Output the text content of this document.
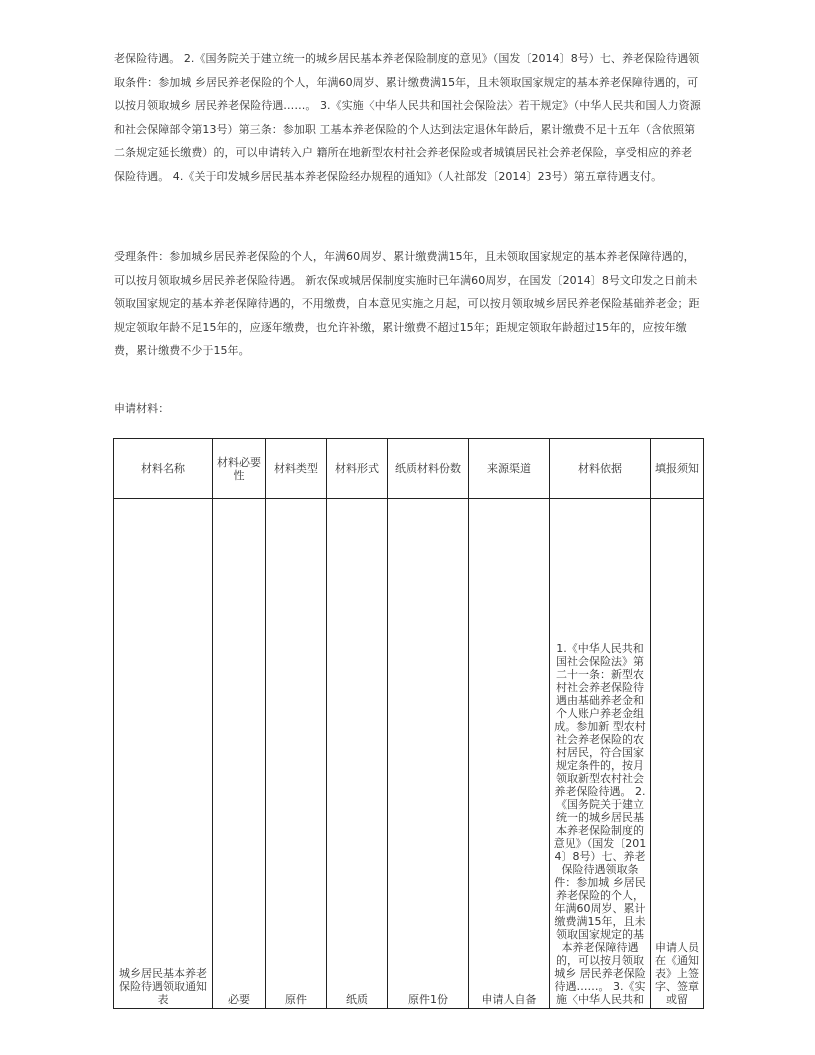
老保险待遇。 2.《国务院关于建立统一的城乡居民基本养老保险制度的意见》（国发〔2014〕8号）七、养老保险待遇领取条件：参加城 乡居民养老保险的个人，年满60周岁、累计缴费满15年，且未领取国家规定的基本养老保障待遇的，可以按月领取城乡 居民养老保险待遇……。 3.《实施〈中华人民共和国社会保险法〉若干规定》（中华人民共和国人力资源和社会保障部令第13号）第三条：参加职 工基本养老保险的个人达到法定退休年龄后，累计缴费不足十五年（含依照第二条规定延长缴费）的，可以申请转入户 籍所在地新型农村社会养老保险或者城镇居民社会养老保险，享受相应的养老保险待遇。 4.《关于印发城乡居民基本养老保险经办规程的通知》（人社部发〔2014〕23号）第五章待遇支付。

受理条件：参加城乡居民养老保险的个人，年满60周岁、累计缴费满15年，且未领取国家规定的基本养老保障待遇的，可以按月领取城乡居民养老保险待遇。 新农保或城居保制度实施时已年满60周岁，在国发〔2014〕8号文印发之日前未领取国家规定的基本养老保障待遇的，不用缴费，自本意见实施之月起，可以按月领取城乡居民养老保险基础养老金；距规定领取年龄不足15年的，应逐年缴费，也允许补缴，累计缴费不超过15年；距规定领取年龄超过15年的，应按年缴费，累计缴费不少于15年。

申请材料：

材料名称	材料必要性	材料类型	材料形式	纸质材料份数	来源渠道	材料依据	填报须知
城乡居民基本养老保险待遇领取通知表	必要	原件	纸质	原件1份	申请人自备	1.《中华人民共和国社会保险法》第二十一条：新型农村社会养老保险待遇由基础养老金和个人账户养老金组成。参加新 型农村社会养老保险的农村居民，符合国家规定条件的，按月领取新型农村社会养老保险待遇。 2.《国务院关于建立统一的城乡居民基本养老保险制度的意见》（国发〔2014〕8号）七、养老保险待遇领取条件：参加城 乡居民养老保险的个人，年满60周岁、累计缴费满15年，且未领取国家规定的基本养老保障待遇的，可以按月领取城乡 居民养老保险待遇……。 3.《实施〈中华人民共和	申请人员在《通知表》上签字、签章或留
